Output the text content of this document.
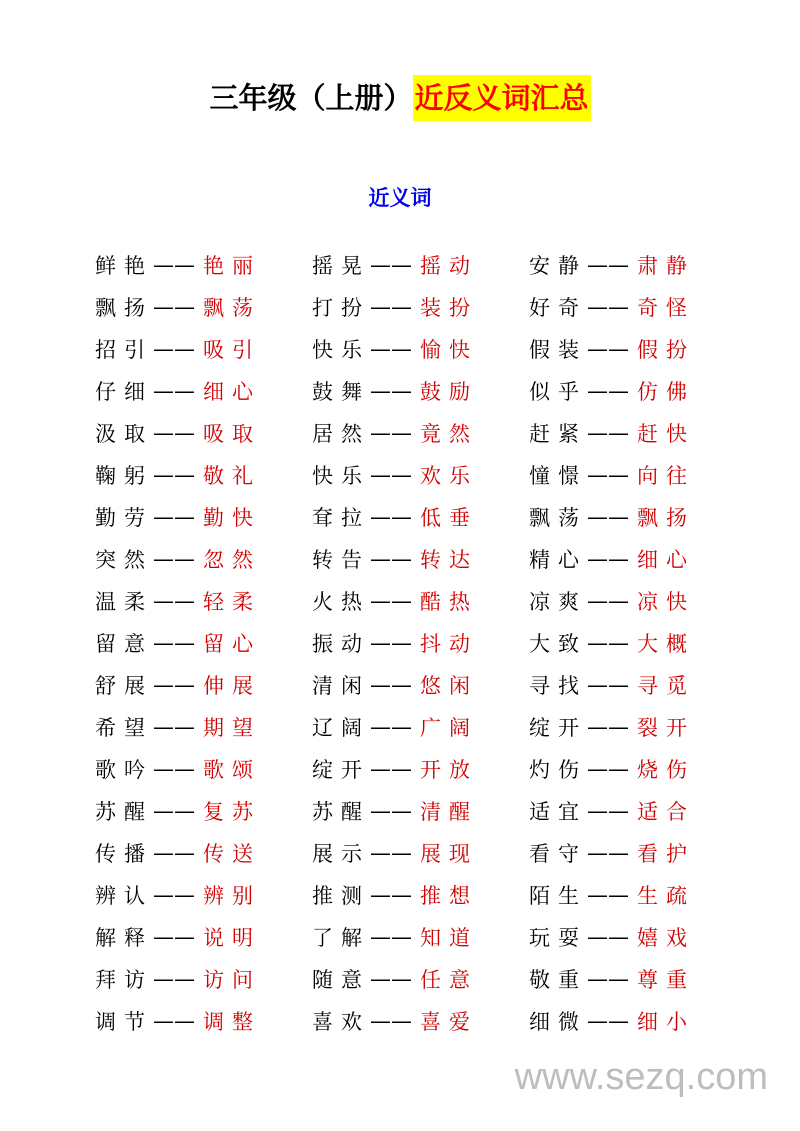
三年级（上册）近反义词汇总
近义词
鲜艳 —— 艳丽 摇晃 —— 摇动 安静 —— 肃静
飘扬 —— 飘荡 打扮 —— 装扮 好奇 —— 奇怪
招引 —— 吸引 快乐 —— 愉快 假装 —— 假扮
仔细 —— 细心 鼓舞 —— 鼓励 似乎 —— 仿佛
汲取 —— 吸取 居然 —— 竟然 赶紧 —— 赶快
鞠躬 —— 敬礼 快乐 —— 欢乐 憧憬 —— 向往
勤劳 —— 勤快 耷拉 —— 低垂 飘荡 —— 飘扬
突然 —— 忽然 转告 —— 转达 精心 —— 细心
温柔 —— 轻柔 火热 —— 酷热 凉爽 —— 凉快
留意 —— 留心 振动 —— 抖动 大致 —— 大概
舒展 —— 伸展 清闲 —— 悠闲 寻找 —— 寻觅
希望 —— 期望 辽阔 —— 广阔 绽开 —— 裂开
歌吟 —— 歌颂 绽开 —— 开放 灼伤 —— 烧伤
苏醒 —— 复苏 苏醒 —— 清醒 适宜 —— 适合
传播 —— 传送 展示 —— 展现 看守 —— 看护
辨认 —— 辨别 推测 —— 推想 陌生 —— 生疏
解释 —— 说明 了解 —— 知道 玩耍 —— 嬉戏
拜访 —— 访问 随意 —— 任意 敬重 —— 尊重
调节 —— 调整 喜欢 —— 喜爱 细微 —— 细小
www.sezq.com
